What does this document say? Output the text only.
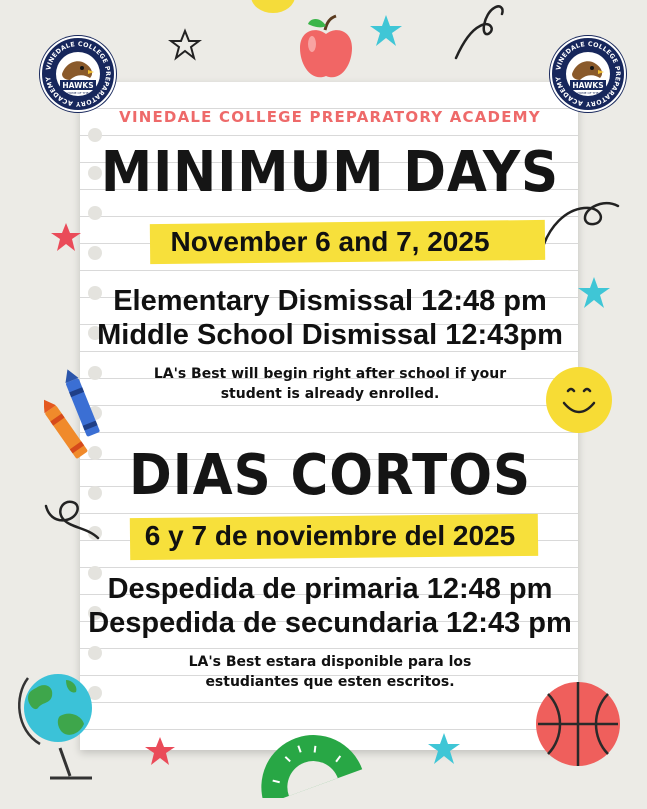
VINEDALE COLLEGE PREPARATORY ACADEMY
HAWKS
HOME OF THE
VINEDALE COLLEGE PREPARATORY ACADEMY
HAWKS
HOME OF THE
VINEDALE COLLEGE PREPARATORY ACADEMY
MINIMUM DAYS
November 6 and 7, 2025
Elementary Dismissal 12:48 pm
Middle School Dismissal 12:43pm
LA's Best will begin right after school if your
student is already enrolled.
DIAS CORTOS
6 y 7 de noviembre del 2025
Despedida de primaria 12:48 pm
Despedida de secundaria 12:43 pm
LA's Best estara disponible para los
estudiantes que esten escritos.
